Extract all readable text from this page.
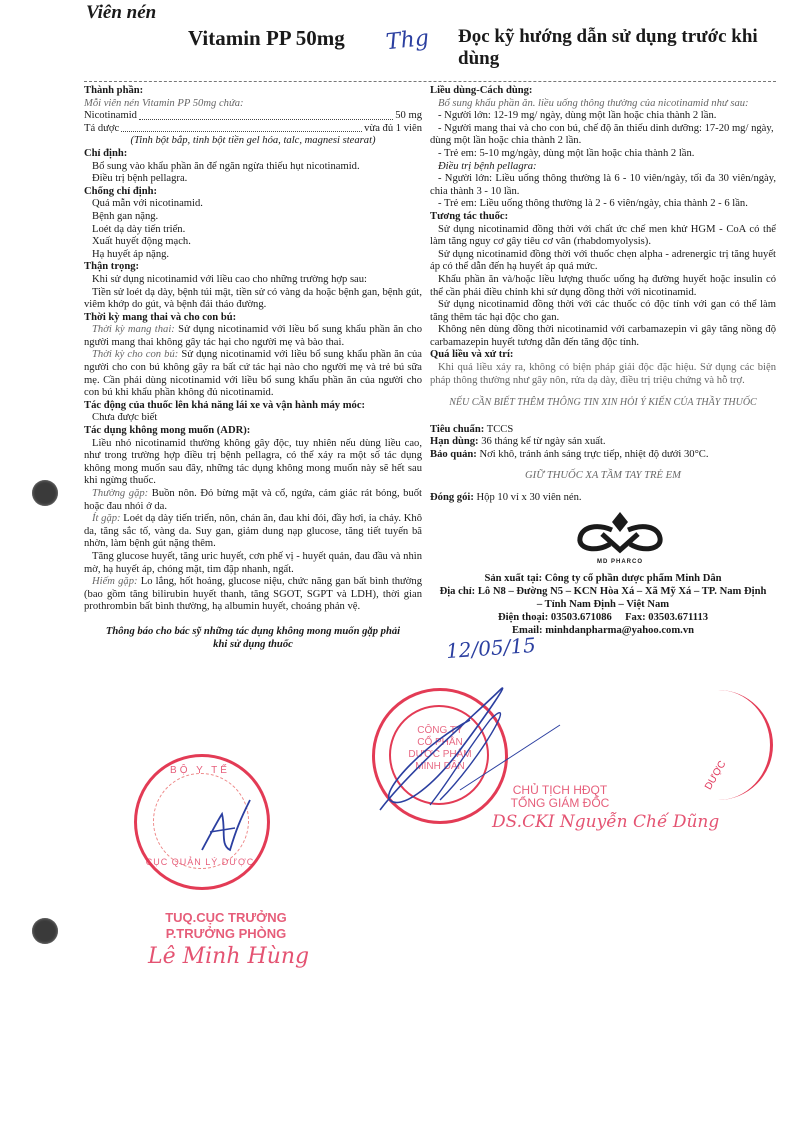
Viên nén
Vitamin PP 50mg Thg Đọc kỹ hướng dẫn sử dụng trước khi dùng

Thành phần:

Mỗi viên nén Vitamin PP 50mg chứa:

Nicotinamid	50 mg
Tá dược	vừa đủ 1 viên

(Tinh bột bắp, tinh bột tiền gel hóa, talc, magnesi stearat)

Chỉ định:

Bổ sung vào khẩu phần ăn để ngăn ngừa thiếu hụt nicotinamid.

Điều trị bệnh pellagra.

Chống chỉ định:

Quá mẫn với nicotinamid.

Bệnh gan nặng.

Loét dạ dày tiến triển.

Xuất huyết động mạch.

Hạ huyết áp nặng.

Thận trọng:

Khi sử dụng nicotinamid với liều cao cho những trường hợp sau:

Tiền sử loét dạ dày, bệnh túi mật, tiền sử có vàng da hoặc bệnh gan, bệnh gút, viêm khớp do gút, và bệnh đái tháo đường.

Thời kỳ mang thai và cho con bú:

Thời kỳ mang thai: Sử dụng nicotinamid với liều bổ sung khẩu phần ăn cho người mang thai không gây tác hại cho người mẹ và bào thai.

Thời kỳ cho con bú: Sử dụng nicotinamid với liều bổ sung khẩu phần ăn của người cho con bú không gây ra bất cứ tác hại nào cho người mẹ và trẻ bú sữa mẹ. Cần phải dùng nicotinamid với liều bổ sung khẩu phần ăn của người cho con bú khi khẩu phần không đủ nicotinamid.

Tác động của thuốc lên khả năng lái xe và vận hành máy móc:

Chưa được biết

Tác dụng không mong muốn (ADR):

Liều nhỏ nicotinamid thường không gây độc, tuy nhiên nếu dùng liều cao, như trong trường hợp điều trị bệnh pellagra, có thể xảy ra một số tác dụng không mong muốn sau đây, những tác dụng không mong muốn này sẽ hết sau khi ngừng thuốc.

Thường gặp: Buồn nôn. Đỏ bừng mặt và cổ, ngứa, cảm giác rát bỏng, buốt hoặc đau nhói ở da.

Ít gặp: Loét dạ dày tiến triển, nôn, chán ăn, đau khi đói, đầy hơi, ỉa chảy. Khô da, tăng sắc tố, vàng da. Suy gan, giảm dung nạp glucose, tăng tiết tuyến bã nhờn, làm bệnh gút nặng thêm.

Tăng glucose huyết, tăng uric huyết, cơn phế vị - huyết quản, đau đầu và nhìn mờ, hạ huyết áp, chóng mặt, tim đập nhanh, ngất.

Hiếm gặp: Lo lắng, hốt hoảng, glucose niệu, chức năng gan bất bình thường (bao gồm tăng bilirubin huyết thanh, tăng SGOT, SGPT và LDH), thời gian prothrombin bất bình thường, hạ albumin huyết, choáng phản vệ.

Thông báo cho bác sỹ những tác dụng không mong muốn gặp phải

khi sử dụng thuốc

Liều dùng-Cách dùng:

Bổ sung khẩu phần ăn. liều uống thông thường của nicotinamid như sau:

- Người lớn: 12-19 mg/ ngày, dùng một lần hoặc chia thành 2 lần.

- Người mang thai và cho con bú, chế độ ăn thiếu dinh dưỡng: 17-20 mg/ ngày, dùng một lần hoặc chia thành 2 lần.

- Trẻ em: 5-10 mg/ngày, dùng một lần hoặc chia thành 2 lần.

Điều trị bệnh pellagra:

- Người lớn: Liều uống thông thường là 6 - 10 viên/ngày, tối đa 30 viên/ngày, chia thành 3 - 10 lần.

- Trẻ em: Liều uống thông thường là 2 - 6 viên/ngày, chia thành 2 - 6 lần.

Tương tác thuốc:

Sử dụng nicotinamid đồng thời với chất ức chế men khử HGM - CoA có thể làm tăng nguy cơ gây tiêu cơ vân (rhabdomyolysis).

Sử dụng nicotinamid đồng thời với thuốc chẹn alpha - adrenergic trị tăng huyết áp có thể dẫn đến hạ huyết áp quá mức.

Khẩu phần ăn và/hoặc liều lượng thuốc uống hạ đường huyết hoặc insulin có thể cần phải điều chỉnh khi sử dụng đồng thời với nicotinamid.

Sử dụng nicotinamid đồng thời với các thuốc có độc tính với gan có thể làm tăng thêm tác hại độc cho gan.

Không nên dùng đồng thời nicotinamid với carbamazepin vì gây tăng nồng độ carbamazepin huyết tương dẫn đến tăng độc tính.

Quá liều và xử trí:

Khi quá liều xảy ra, không có biện pháp giải độc đặc hiệu. Sử dụng các biện pháp thông thường như gây nôn, rửa dạ dày, điều trị triệu chứng và hỗ trợ.

NẾU CẦN BIẾT THÊM THÔNG TIN XIN HỎI Ý KIẾN CỦA THẦY THUỐC

Tiêu chuẩn: TCCS

Hạn dùng: 36 tháng kể từ ngày sản xuất.

Bảo quản: Nơi khô, tránh ánh sáng trực tiếp, nhiệt độ dưới 30°C.

GIỮ THUỐC XA TẦM TAY TRẺ EM

Đóng gói: Hộp 10 vỉ x 30 viên nén.

MD PHARCO
Sản xuất tại: Công ty cổ phần dược phẩm Minh Dân
Địa chỉ: Lô N8 – Đường N5 – KCN Hòa Xá – Xã Mỹ Xá – TP. Nam Định
– Tỉnh Nam Định – Việt Nam
Điện thoại: 03503.671086     Fax: 03503.671113
Email: minhdanpharma@yahoo.com.vn
12/05/15
CÔNG TY
CỔ PHẦN
DƯỢC PHẨM
MINH DÂN
CHỦ TỊCH HĐQT
TỔNG GIÁM ĐỐC
DS.CKI Nguyễn Chế Dũng
DƯỢC
BỘ Y TẾ
CỤC QUẢN LÝ DƯỢC
TUQ.CỤC TRƯỞNG
P.TRƯỞNG PHÒNG
Lê Minh Hùng
